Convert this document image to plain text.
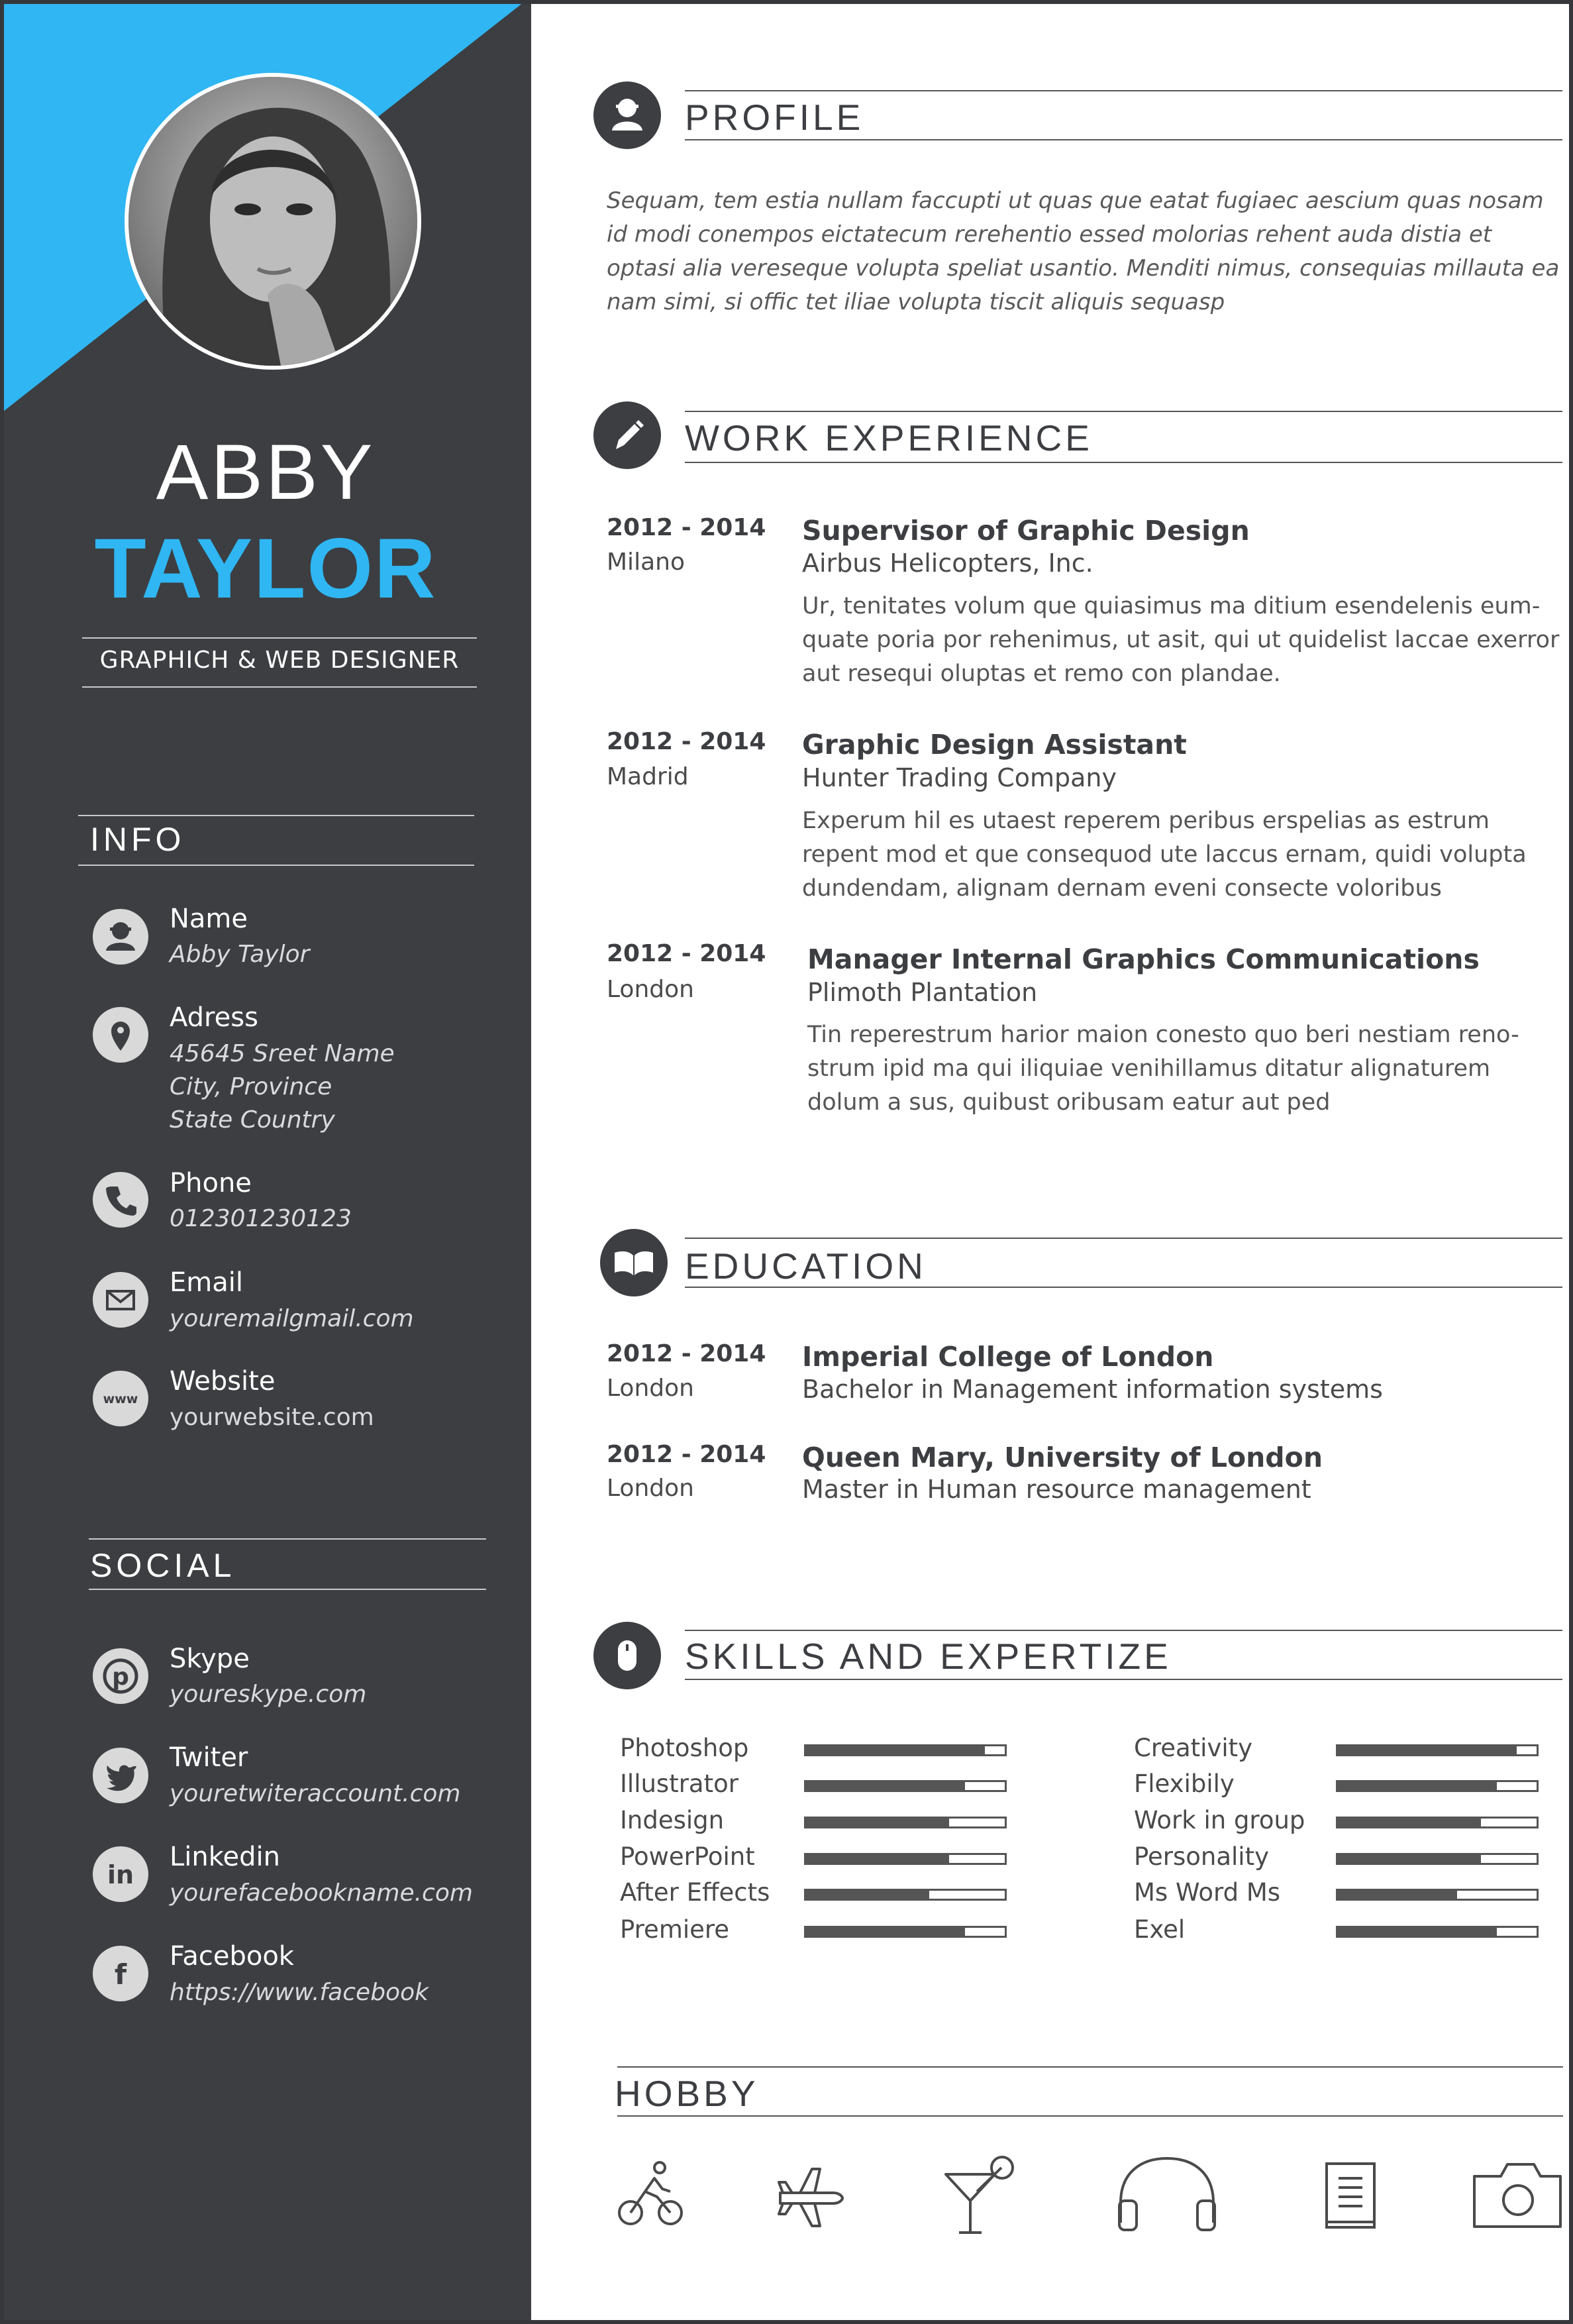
ABBY
TAYLOR
GRAPHICH & WEB DESIGNER
INFO
Name
Abby Taylor
Adress
45645 Sreet Name
City, Province
State Country
Phone
012301230123
Email
youremailgmail.com
www
Website
yourwebsite.com
SOCIAL
p
Skype
youreskype.com
Twiter
youretwiteraccount.com
in
Linkedin
yourefacebookname.com
f
Facebook
https://www.facebook
PROFILE
Sequam, tem estia nullam faccupti ut quas que eatat fugiaec aescium quas nosam id modi conempos eictatecum rerehentio essed molorias rehent auda distia et optasi alia vereseque volupta speliat usantio. Menditi nimus, consequias millauta ea nam simi, si offic tet iliae volupta tiscit aliquis sequasp
WORK EXPERIENCE
2012 - 2014
Milano
Supervisor of Graphic Design
Airbus Helicopters, Inc.
Ur, tenitates volum que quiasimus ma ditium esendelenis eum-
quate poria por rehenimus, ut asit, qui ut quidelist laccae exerror
aut resequi oluptas et remo con plandae.
2012 - 2014
Madrid
Graphic Design Assistant
Hunter Trading Company
Experum hil es utaest reperem peribus erspelias as estrum
repent mod et que consequod ute laccus ernam, quidi volupta
dundendam, alignam dernam eveni consecte voloribus
2012 - 2014
London
Manager Internal Graphics Communications
Plimoth Plantation
Tin reperestrum harior maion conesto quo beri nestiam reno-
strum ipid ma qui iliquiae venihillamus ditatur alignaturem
dolum a sus, quibust oribusam eatur aut ped
EDUCATION
2012 - 2014
London
Imperial College of London
Bachelor in Management information systems
2012 - 2014
London
Queen Mary, University of London
Master in Human resource management
SKILLS AND EXPERTIZE
Photoshop
Illustrator
Indesign
PowerPoint
After Effects
Premiere
Creativity
Flexibily
Work in group
Personality
Ms Word Ms
Exel
HOBBY
